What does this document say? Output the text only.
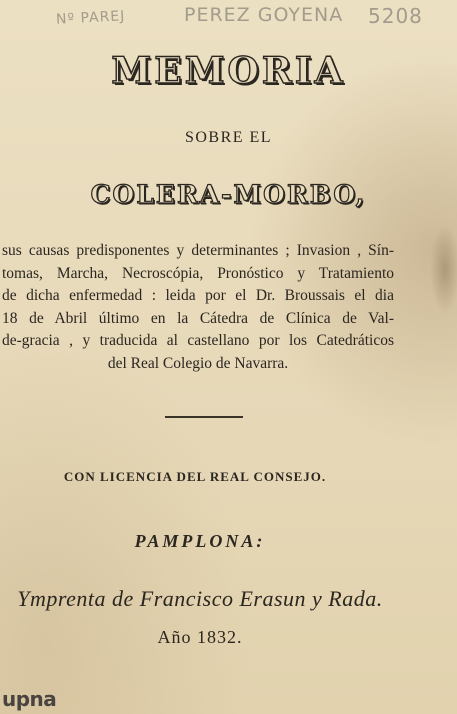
Nº PAREJ	PEREZ GOYENA 5208
MEMORIA
SOBRE EL
COLERA-MORBO,
sus causas predisponentes y determinantes ; Invasion , Sín-
tomas, Marcha, Necroscópia, Pronóstico y Tratamiento
de dicha enfermedad : leida por el Dr. Broussais el dia
18 de Abril último en la Cátedra de Clínica de Val-
de-gracia , y traducida al castellano por los Catedráticos
del Real Colegio de Navarra.
CON LICENCIA DEL REAL CONSEJO.
PAMPLONA:
Ymprenta de Francisco Erasun y Rada.
Año 1832.
upna
